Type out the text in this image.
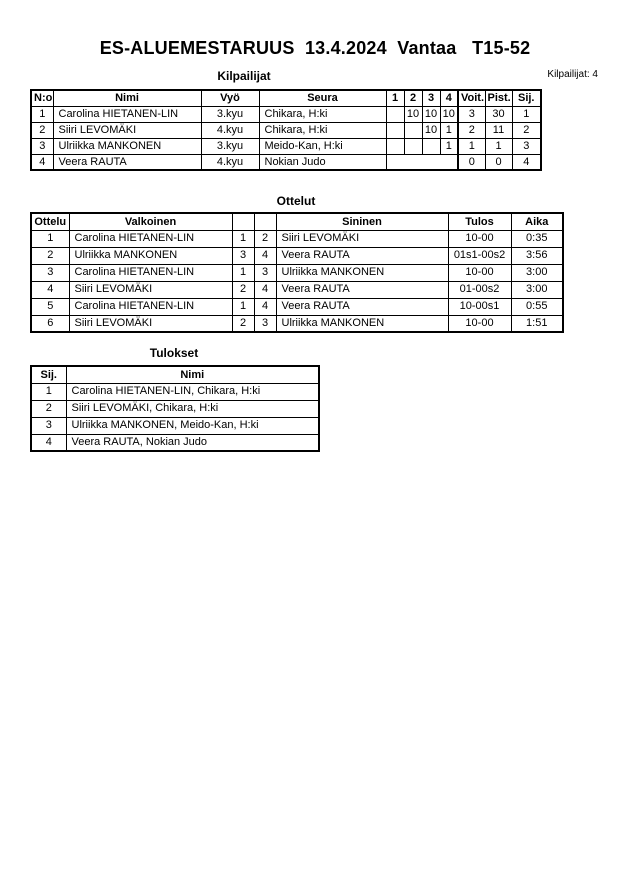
ES-ALUEMESTARUUS  13.4.2024  Vantaa   T15-52
Kilpailijat	Kilpailijat: 4
N:o	Nimi	Vyö	Seura	1	2	3	4	Voit.	Pist.	Sij.
1	Carolina HIETANEN-LIN	3.kyu	Chikara, H:ki		10	10	10	3	30	1
2	Siiri LEVOMÄKI	4.kyu	Chikara, H:ki			10	1	2	11	2
3	Ulriikka MANKONEN	3.kyu	Meido-Kan, H:ki				1	1	1	3
4	Veera RAUTA	4.kyu	Nokian Judo					0	0	4
Ottelut
Ottelu	Valkoinen			Sininen	Tulos	Aika
1	Carolina HIETANEN-LIN	1	2	Siiri LEVOMÄKI	10-00	0:35
2	Ulriikka MANKONEN	3	4	Veera RAUTA	01s1-00s2	3:56
3	Carolina HIETANEN-LIN	1	3	Ulriikka MANKONEN	10-00	3:00
4	Siiri LEVOMÄKI	2	4	Veera RAUTA	01-00s2	3:00
5	Carolina HIETANEN-LIN	1	4	Veera RAUTA	10-00s1	0:55
6	Siiri LEVOMÄKI	2	3	Ulriikka MANKONEN	10-00	1:51
Tulokset
Sij.	Nimi
1	Carolina HIETANEN-LIN, Chikara, H:ki
2	Siiri LEVOMÄKI, Chikara, H:ki
3	Ulriikka MANKONEN, Meido-Kan, H:ki
4	Veera RAUTA, Nokian Judo
